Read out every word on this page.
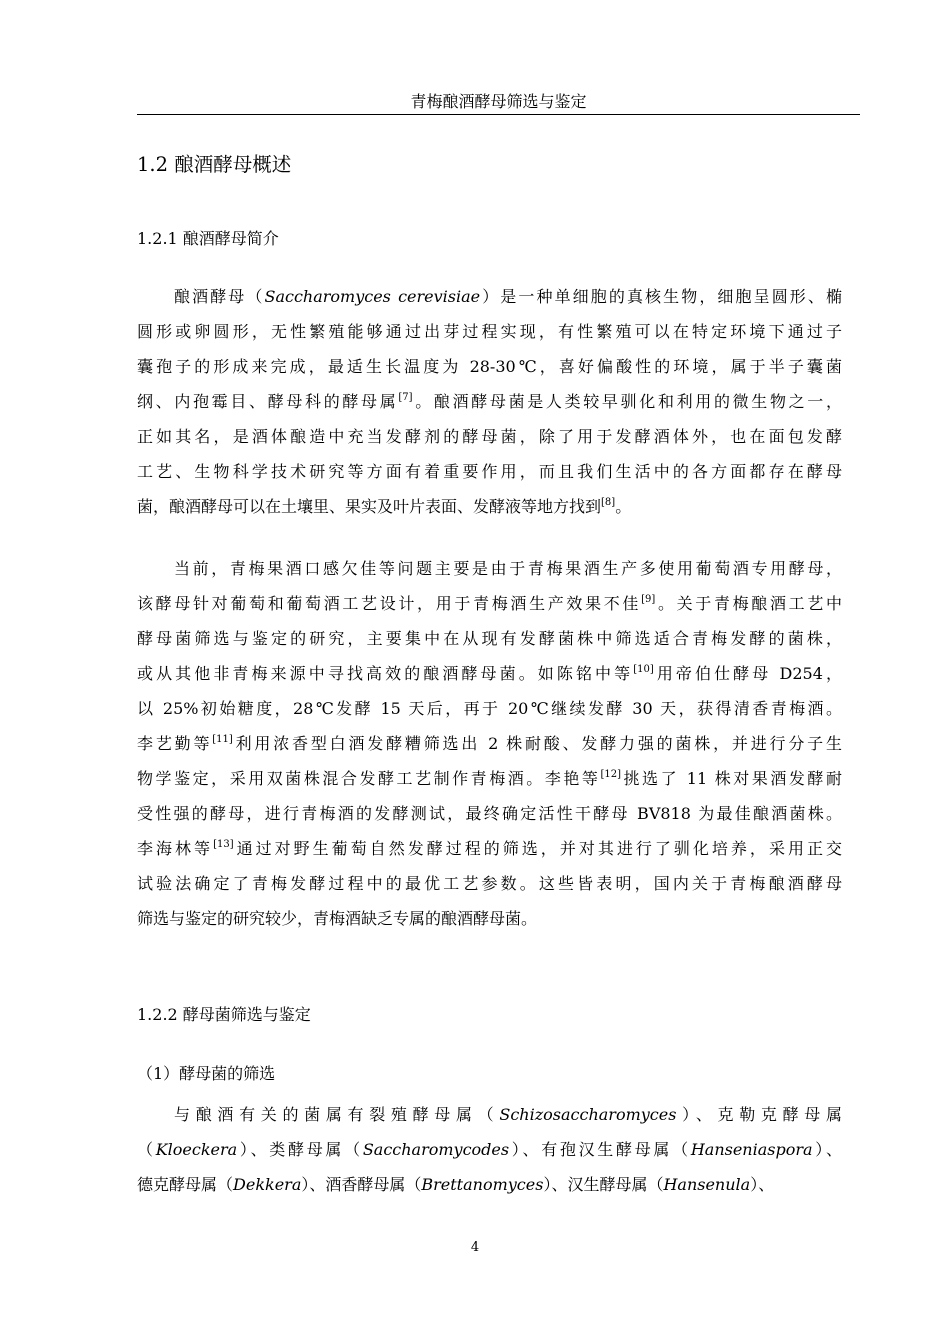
青梅酿酒酵母筛选与鉴定
1.2 酿酒酵母概述
1.2.1 酿酒酵母简介
酿酒酵母（Saccharomyces cerevisiae）是一种单细胞的真核生物，细胞呈圆形、椭
圆形或卵圆形，无性繁殖能够通过出芽过程实现，有性繁殖可以在特定环境下通过子
囊孢子的形成来完成，最适生长温度为 28-30℃，喜好偏酸性的环境，属于半子囊菌
纲、内孢霉目、酵母科的酵母属[7]。酿酒酵母菌是人类较早驯化和利用的微生物之一，
正如其名，是酒体酿造中充当发酵剂的酵母菌，除了用于发酵酒体外，也在面包发酵
工艺、生物科学技术研究等方面有着重要作用，而且我们生活中的各方面都存在酵母
菌，酿酒酵母可以在土壤里、果实及叶片表面、发酵液等地方找到[8]。
当前，青梅果酒口感欠佳等问题主要是由于青梅果酒生产多使用葡萄酒专用酵母，
该酵母针对葡萄和葡萄酒工艺设计，用于青梅酒生产效果不佳[9]。关于青梅酿酒工艺中
酵母菌筛选与鉴定的研究，主要集中在从现有发酵菌株中筛选适合青梅发酵的菌株，
或从其他非青梅来源中寻找高效的酿酒酵母菌。如陈铭中等[10]用帝伯仕酵母 D254，
以 25%初始糖度，28℃发酵 15 天后，再于 20℃继续发酵 30 天，获得清香青梅酒。
李艺勤等[11]利用浓香型白酒发酵糟筛选出 2 株耐酸、发酵力强的菌株，并进行分子生
物学鉴定，采用双菌株混合发酵工艺制作青梅酒。李艳等[12]挑选了 11 株对果酒发酵耐
受性强的酵母，进行青梅酒的发酵测试，最终确定活性干酵母 BV818 为最佳酿酒菌株。
李海林等[13]通过对野生葡萄自然发酵过程的筛选，并对其进行了驯化培养，采用正交
试验法确定了青梅发酵过程中的最优工艺参数。这些皆表明，国内关于青梅酿酒酵母
筛选与鉴定的研究较少，青梅酒缺乏专属的酿酒酵母菌。
1.2.2 酵母菌筛选与鉴定
（1）酵母菌的筛选
与酿酒有关的菌属有裂殖酵母属（Schizosaccharomyces）、克勒克酵母属
（Kloeckera）、类酵母属（Saccharomycodes）、有孢汉生酵母属（Hanseniaspora）、
德克酵母属（Dekkera）、酒香酵母属（Brettanomyces）、汉生酵母属（Hansenula）、
4
